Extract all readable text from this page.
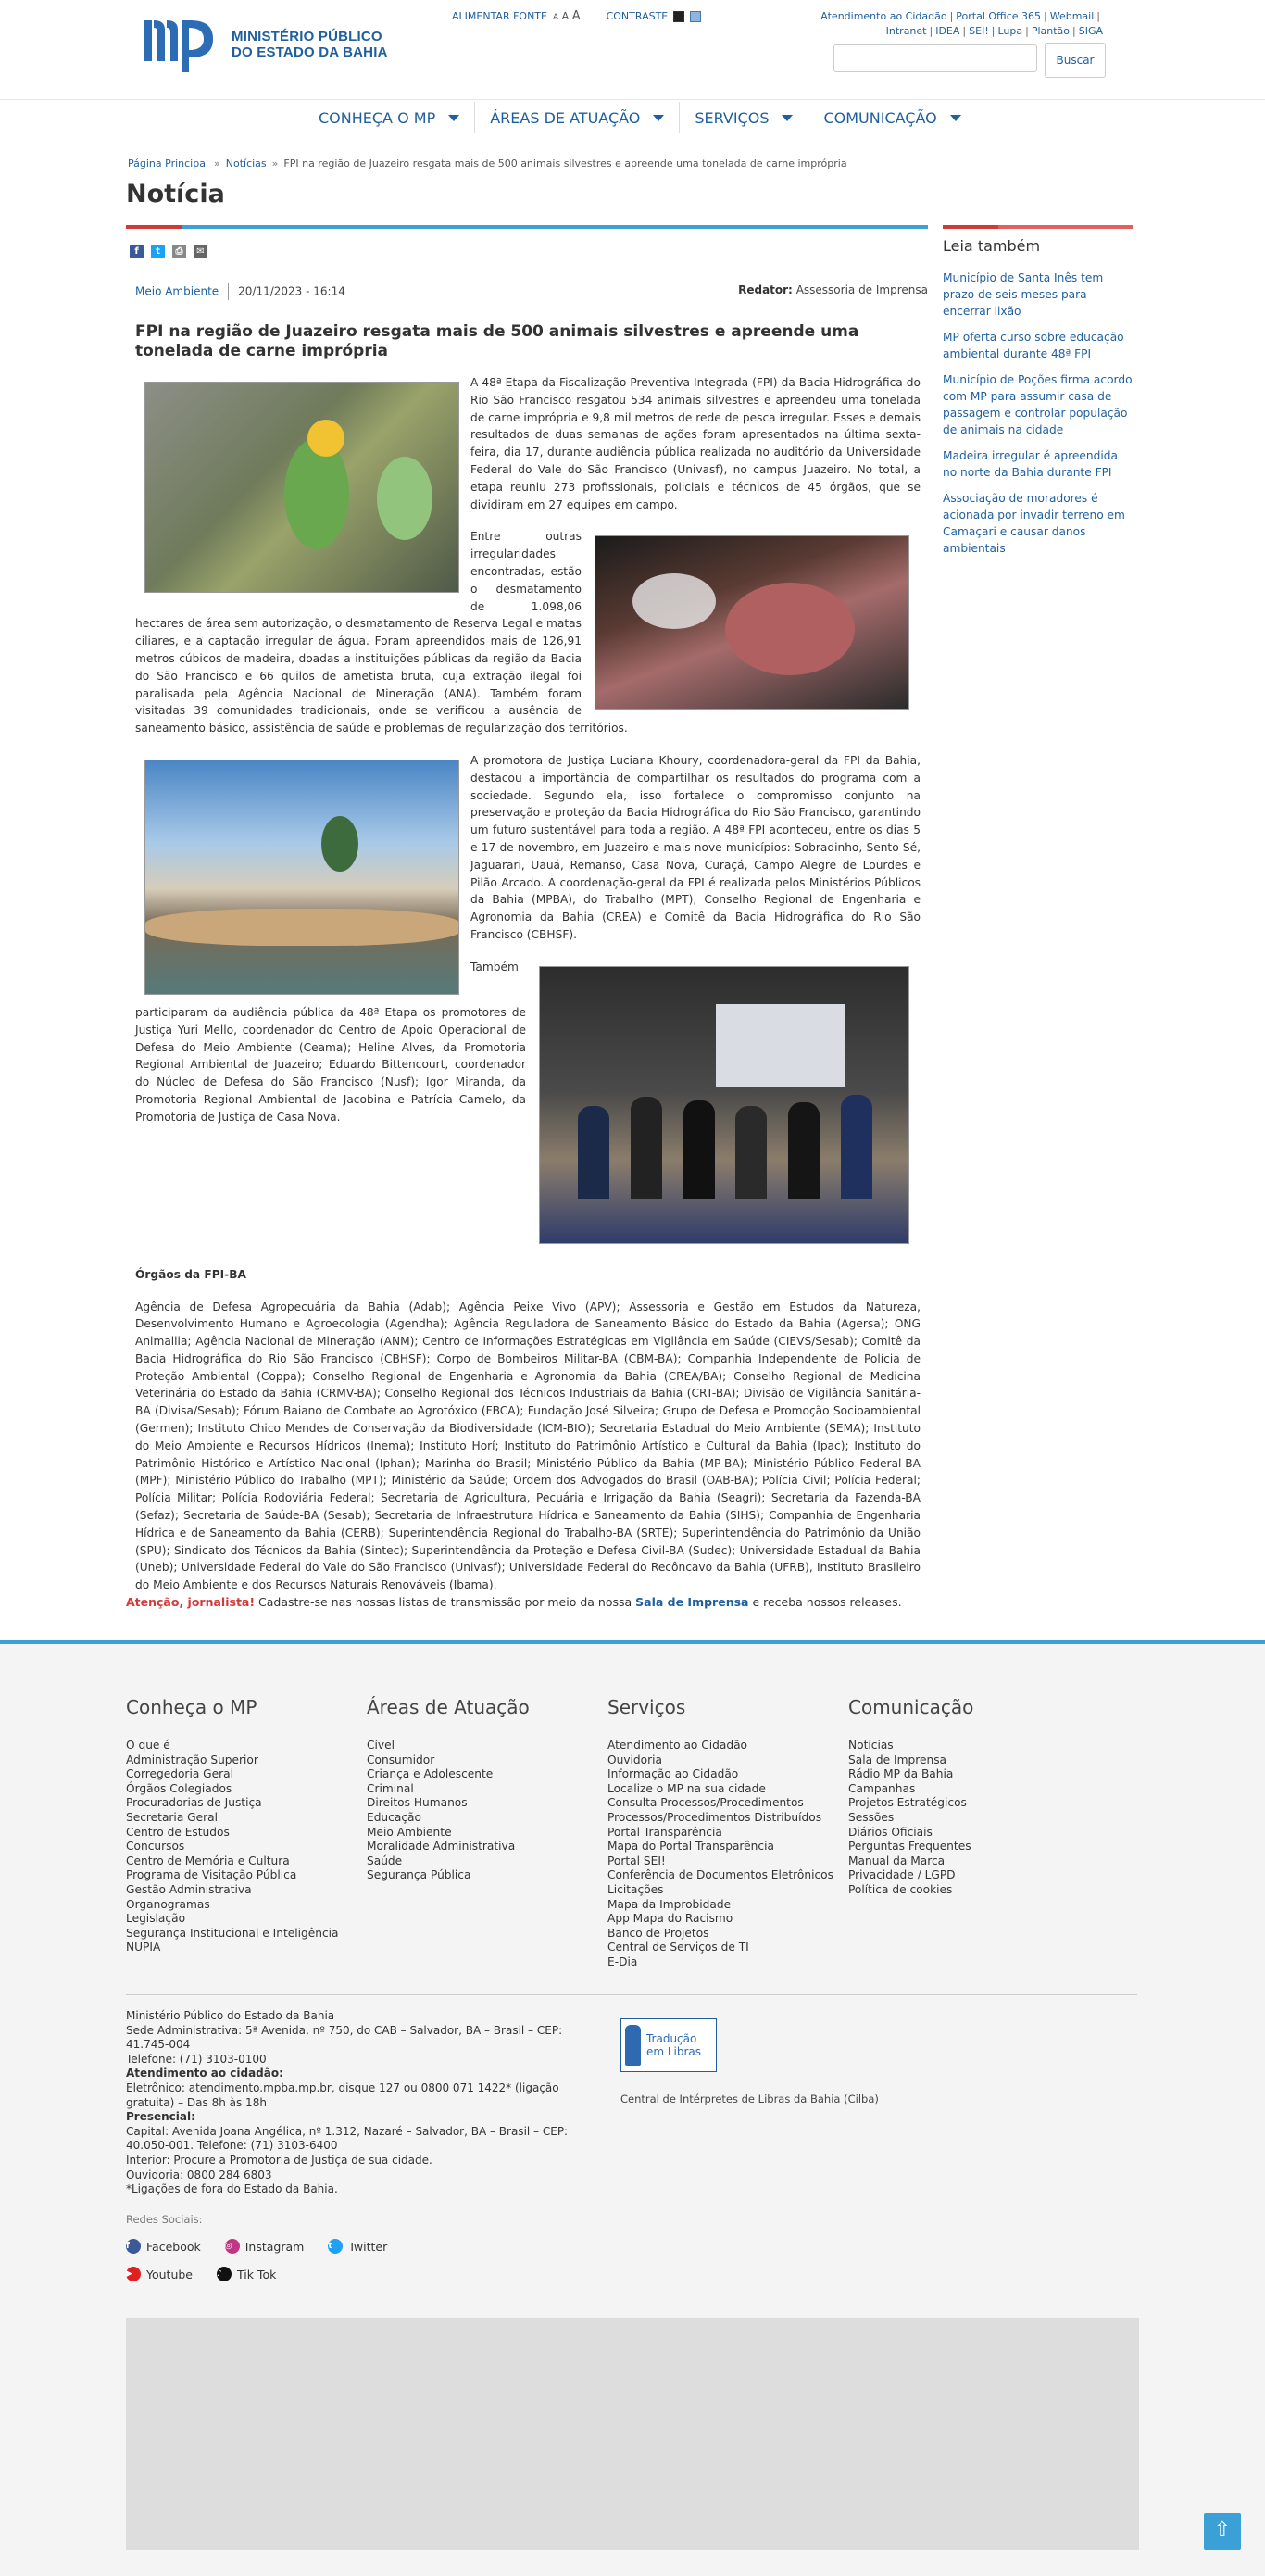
MINISTÉRIO PÚBLICO
DO ESTADO DA BAHIA
ALIMENTAR FONTE A A A	CONTRASTE	Atendimento ao Cidadão | Portal Office 365 | Webmail |
Intranet | IDEA | SEI! | Lupa | Plantão | SIGA
Buscar
CONHEÇA O MP	ÁREAS DE ATUAÇÃO	SERVIÇOS	COMUNICAÇÃO
Página Principal » Notícias » FPI na região de Juazeiro resgata mais de 500 animais silvestres e apreende uma tonelada de carne imprópria
Notícia
f	t	⎙	✉
Meio Ambiente 20/11/2023 - 16:14	Redator: Assessoria de Imprensa
FPI na região de Juazeiro resgata mais de 500 animais silvestres e apreende uma tonelada de carne imprópria

A 48ª Etapa da Fiscalização Preventiva Integrada (FPI) da Bacia Hidrográfica do Rio São Francisco resgatou 534 animais silvestres e apreendeu uma tonelada de carne imprópria e 9,8 mil metros de rede de pesca irregular. Esses e demais resultados de duas semanas de ações foram apresentados na última sexta-feira, dia 17, durante audiência pública realizada no auditório da Universidade Federal do Vale do São Francisco (Univasf), no campus Juazeiro. No total, a etapa reuniu 273 profissionais, policiais e técnicos de 45 órgãos, que se dividiram em 27 equipes em campo.

Entre outras irregularidades encontradas, estão o desmatamento de 1.098,06 hectares de área sem autorização, o desmatamento de Reserva Legal e matas ciliares, e a captação irregular de água. Foram apreendidos mais de 126,91 metros cúbicos de madeira, doadas a instituições públicas da região da Bacia do São Francisco e 66 quilos de ametista bruta, cuja extração ilegal foi paralisada pela Agência Nacional de Mineração (ANA). Também foram visitadas 39 comunidades tradicionais, onde se verificou a ausência de saneamento básico, assistência de saúde e problemas de regularização dos territórios.

A promotora de Justiça Luciana Khoury, coordenadora-geral da FPI da Bahia, destacou a importância de compartilhar os resultados do programa com a sociedade. Segundo ela, isso fortalece o compromisso conjunto na preservação e proteção da Bacia Hidrográfica do Rio São Francisco, garantindo um futuro sustentável para toda a região. A 48ª FPI aconteceu, entre os dias 5 e 17 de novembro, em Juazeiro e mais nove municípios: Sobradinho, Sento Sé, Jaguarari, Uauá, Remanso, Casa Nova, Curaçá, Campo Alegre de Lourdes e Pilão Arcado. A coordenação-geral da FPI é realizada pelos Ministérios Públicos da Bahia (MPBA), do Trabalho (MPT), Conselho Regional de Engenharia e Agronomia da Bahia (CREA) e Comitê da Bacia Hidrográfica do Rio São Francisco (CBHSF).

Também participaram da audiência pública da 48ª Etapa os promotores de Justiça Yuri Mello, coordenador do Centro de Apoio Operacional de Defesa do Meio Ambiente (Ceama); Heline Alves, da Promotoria Regional Ambiental de Juazeiro; Eduardo Bittencourt, coordenador do Núcleo de Defesa do São Francisco (Nusf); Igor Miranda, da Promotoria Regional Ambiental de Jacobina e Patrícia Camelo, da Promotoria de Justiça de Casa Nova.

Órgãos da FPI-BA

Agência de Defesa Agropecuária da Bahia (Adab); Agência Peixe Vivo (APV); Assessoria e Gestão em Estudos da Natureza, Desenvolvimento Humano e Agroecologia (Agendha); Agência Reguladora de Saneamento Básico do Estado da Bahia (Agersa); ONG Animallia; Agência Nacional de Mineração (ANM); Centro de Informações Estratégicas em Vigilância em Saúde (CIEVS/Sesab); Comitê da Bacia Hidrográfica do Rio São Francisco (CBHSF); Corpo de Bombeiros Militar-BA (CBM-BA); Companhia Independente de Polícia de Proteção Ambiental (Coppa); Conselho Regional de Engenharia e Agronomia da Bahia (CREA/BA); Conselho Regional de Medicina Veterinária do Estado da Bahia (CRMV-BA); Conselho Regional dos Técnicos Industriais da Bahia (CRT-BA); Divisão de Vigilância Sanitária-BA (Divisa/Sesab); Fórum Baiano de Combate ao Agrotóxico (FBCA); Fundação José Silveira; Grupo de Defesa e Promoção Socioambiental (Germen); Instituto Chico Mendes de Conservação da Biodiversidade (ICM-BIO); Secretaria Estadual do Meio Ambiente (SEMA); Instituto do Meio Ambiente e Recursos Hídricos (Inema); Instituto Horí; Instituto do Patrimônio Artístico e Cultural da Bahia (Ipac); Instituto do Patrimônio Histórico e Artístico Nacional (Iphan); Marinha do Brasil; Ministério Público da Bahia (MP-BA); Ministério Público Federal-BA (MPF); Ministério Público do Trabalho (MPT); Ministério da Saúde; Ordem dos Advogados do Brasil (OAB-BA); Polícia Civil; Polícia Federal; Polícia Militar; Polícia Rodoviária Federal; Secretaria de Agricultura, Pecuária e Irrigação da Bahia (Seagri); Secretaria da Fazenda-BA (Sefaz); Secretaria de Saúde-BA (Sesab); Secretaria de Infraestrutura Hídrica e Saneamento da Bahia (SIHS); Companhia de Engenharia Hídrica e de Saneamento da Bahia (CERB); Superintendência Regional do Trabalho-BA (SRTE); Superintendência do Patrimônio da União (SPU); Sindicato dos Técnicos da Bahia (Sintec); Superintendência da Proteção e Defesa Civil-BA (Sudec); Universidade Estadual da Bahia (Uneb); Universidade Federal do Vale do São Francisco (Univasf); Universidade Federal do Recôncavo da Bahia (UFRB), Instituto Brasileiro do Meio Ambiente e dos Recursos Naturais Renováveis (Ibama).

Atenção, jornalista! Cadastre-se nas nossas listas de transmissão por meio da nossa Sala de Imprensa e receba nossos releases.
Leia também
Município de Santa Inês tem prazo de seis meses para encerrar lixão
MP oferta curso sobre educação ambiental durante 48ª FPI
Município de Poções firma acordo com MP para assumir casa de passagem e controlar população de animais na cidade
Madeira irregular é apreendida no norte da Bahia durante FPI
Associação de moradores é acionada por invadir terreno em Camaçari e causar danos ambientais
Conheça o MP
O que é
Administração Superior
Corregedoria Geral
Órgãos Colegiados
Procuradorias de Justiça
Secretaria Geral
Centro de Estudos
Concursos
Centro de Memória e Cultura
Programa de Visitação Pública
Gestão Administrativa
Organogramas
Legislação
Segurança Institucional e Inteligência
NUPIA
Áreas de Atuação
Cível
Consumidor
Criança e Adolescente
Criminal
Direitos Humanos
Educação
Meio Ambiente
Moralidade Administrativa
Saúde
Segurança Pública
Serviços
Atendimento ao Cidadão
Ouvidoria
Informação ao Cidadão
Localize o MP na sua cidade
Consulta Processos/Procedimentos
Processos/Procedimentos Distribuídos
Portal Transparência
Mapa do Portal Transparência
Portal SEI!
Conferência de Documentos Eletrônicos
Licitações
Mapa da Improbidade
App Mapa do Racismo
Banco de Projetos
Central de Serviços de TI
E-Dia
Comunicação
Notícias
Sala de Imprensa
Rádio MP da Bahia
Campanhas
Projetos Estratégicos
Sessões
Diários Oficiais
Perguntas Frequentes
Manual da Marca
Privacidade / LGPD
Política de cookies
Ministério Público do Estado da Bahia
Sede Administrativa: 5ª Avenida, nº 750, do CAB – Salvador, BA – Brasil – CEP: 41.745-004
Telefone: (71) 3103-0100
Atendimento ao cidadão:
Eletrônico: atendimento.mpba.mp.br, disque 127 ou 0800 071 1422* (ligação gratuita) – Das 8h às 18h
Presencial:
Capital: Avenida Joana Angélica, nº 1.312, Nazaré – Salvador, BA – Brasil – CEP: 40.050-001. Telefone: (71) 3103-6400
Interior: Procure a Promotoria de Justiça de sua cidade.
Ouvidoria: 0800 284 6803
*Ligações de fora do Estado da Bahia.
Tradução em Libras
Central de Intérpretes de Libras da Bahia (Cilba)
Redes Sociais:
f	Facebook	◎	Instagram	t	Twitter
▶	Youtube	♪	Tik Tok
⇧
